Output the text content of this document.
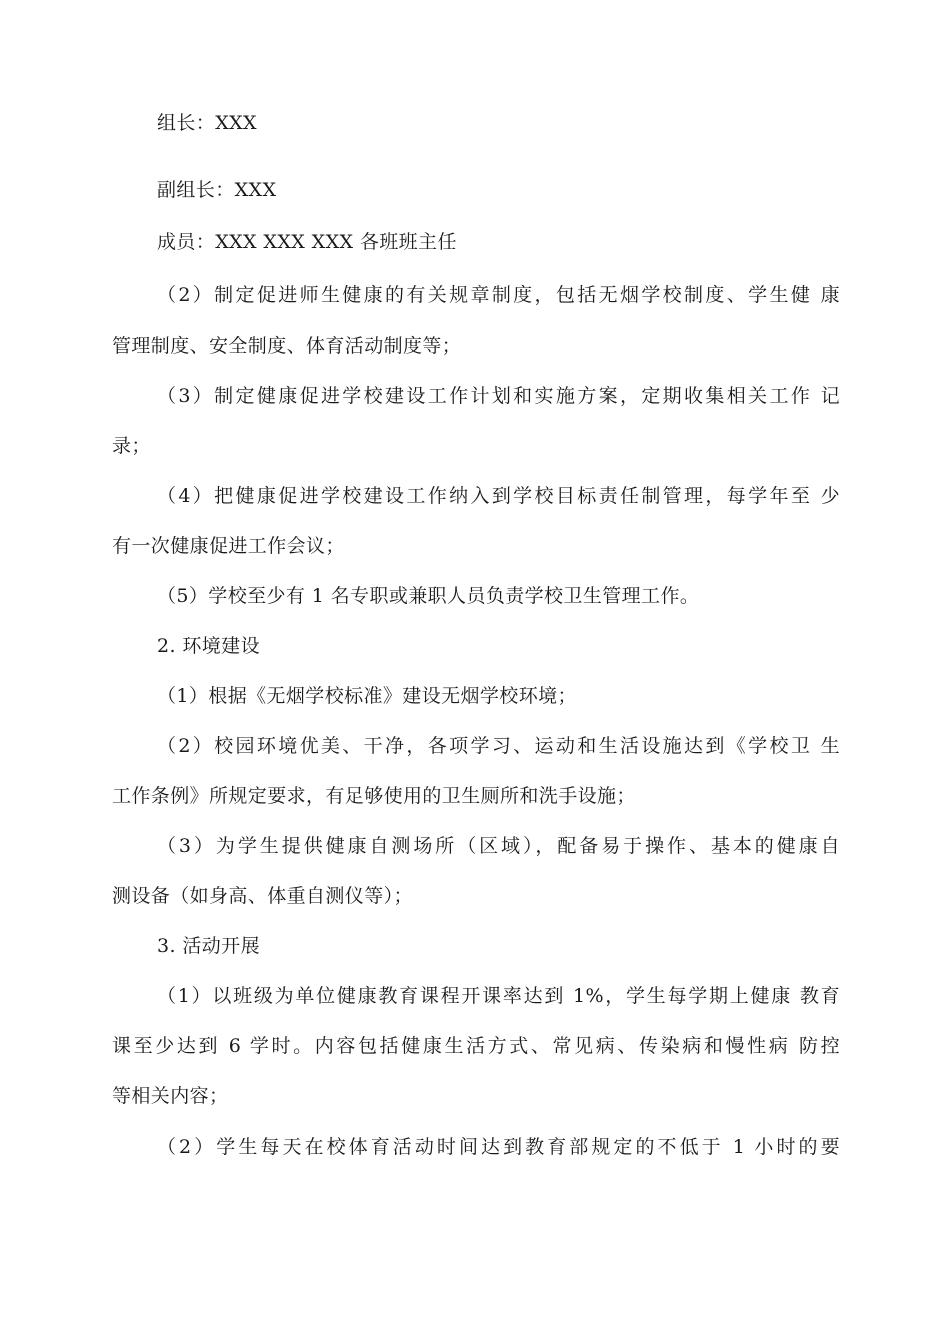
组长：XXX
副组长：XXX
成员：XXX XXX XXX 各班班主任
（2）制定促进师生健康的有关规章制度，包括无烟学校制度、学生健 康
管理制度、安全制度、体育活动制度等；
（3）制定健康促进学校建设工作计划和实施方案，定期收集相关工作 记
录；
（4）把健康促进学校建设工作纳入到学校目标责任制管理，每学年至 少
有一次健康促进工作会议；
（5）学校至少有 1 名专职或兼职人员负责学校卫生管理工作。
2. 环境建设
（1）根据《无烟学校标准》建设无烟学校环境；
（2）校园环境优美、干净，各项学习、运动和生活设施达到《学校卫 生
工作条例》所规定要求，有足够使用的卫生厕所和洗手设施；
（3）为学生提供健康自测场所（区域），配备易于操作、基本的健康自
测设备（如身高、体重自测仪等）；
3. 活动开展
（1）以班级为单位健康教育课程开课率达到 1%，学生每学期上健康 教育
课至少达到 6 学时。内容包括健康生活方式、常见病、传染病和慢性病 防控
等相关内容；
（2）学生每天在校体育活动时间达到教育部规定的不低于 1 小时的要
